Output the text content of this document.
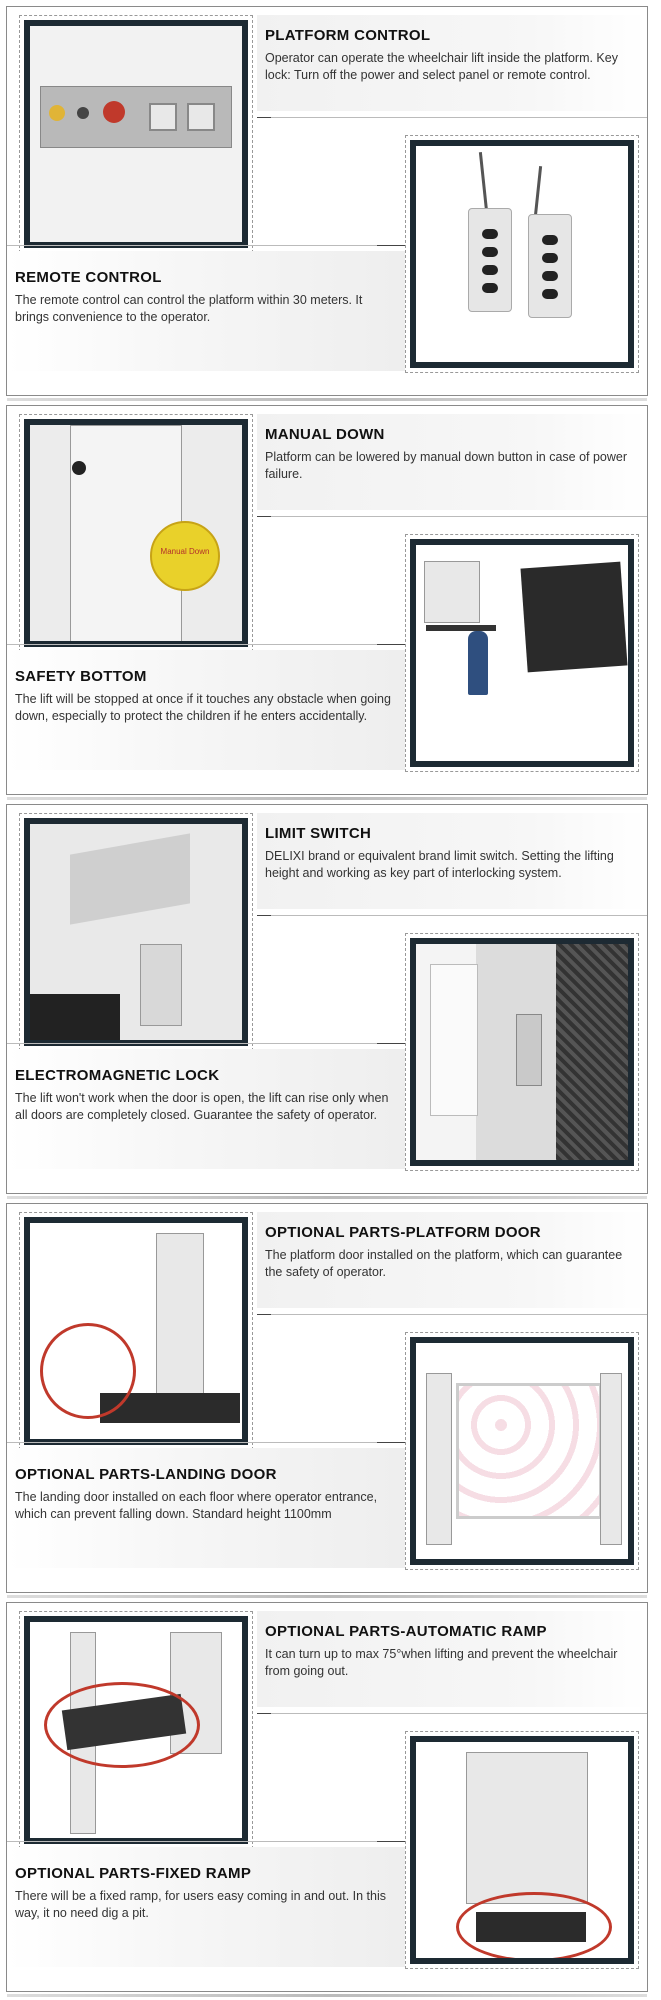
PLATFORM CONTROL
Operator can operate the wheelchair lift inside the platform. Key lock: Turn off the power and select panel or remote control.
REMOTE CONTROL
The remote control can control the platform within 30 meters. It brings convenience to the operator.
Manual Down
MANUAL DOWN
Platform can be lowered by manual down button in case of power failure.
SAFETY BOTTOM
The lift will be stopped at once if it touches any obstacle when going down, especially to protect the children if he enters accidentally.
LIMIT SWITCH
DELIXI brand or equivalent brand limit switch. Setting the lifting height and working as key part of interlocking system.
ELECTROMAGNETIC LOCK
The lift won't work when the door is open, the lift can rise only when all doors are completely closed. Guarantee the safety of operator.
OPTIONAL PARTS-PLATFORM DOOR
The platform door installed on the platform, which can guarantee the safety of operator.
OPTIONAL PARTS-LANDING DOOR
The landing door installed on each floor where operator entrance, which can prevent falling down. Standard height 1100mm
OPTIONAL PARTS-AUTOMATIC RAMP
It can turn up to max 75°when lifting and prevent the wheelchair from going out.
OPTIONAL PARTS-FIXED RAMP
There will be a fixed ramp, for users easy coming in and out. In this way, it no need dig a pit.
